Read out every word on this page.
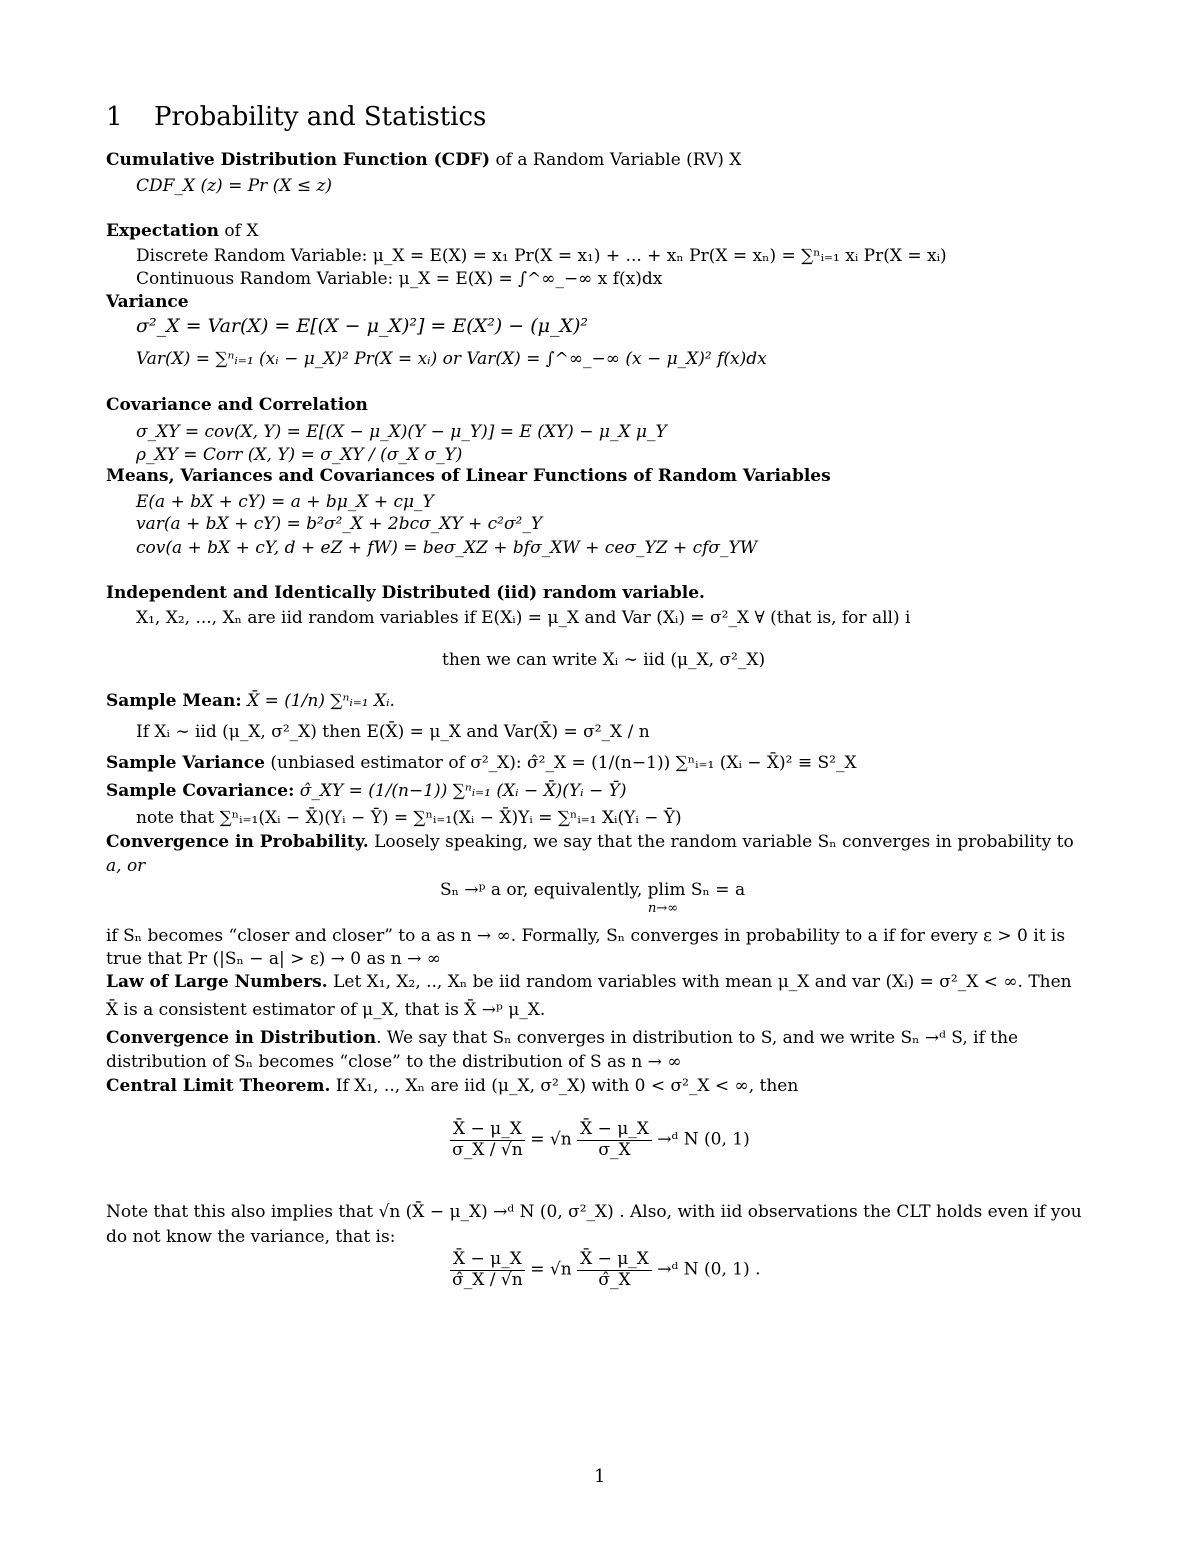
1 Probability and Statistics
Cumulative Distribution Function (CDF) of a Random Variable (RV) X
CDF_X (z) = Pr (X ≤ z)
Expectation of X
Discrete Random Variable: μ_X = E(X) = x₁ Pr(X = x₁) + ... + xₙ Pr(X = xₙ) = ∑ⁿᵢ₌₁ xᵢ Pr(X = xᵢ)
Continuous Random Variable: μ_X = E(X) = ∫^∞_−∞ x f(x)dx
Variance
σ²_X = Var(X) = E[(X − μ_X)²] = E(X²) − (μ_X)²
Var(X) = ∑ⁿᵢ₌₁ (xᵢ − μ_X)² Pr(X = xᵢ) or Var(X) = ∫^∞_−∞ (x − μ_X)² f(x)dx
Covariance and Correlation
σ_XY = cov(X, Y) = E[(X − μ_X)(Y − μ_Y)] = E (XY) − μ_X μ_Y
ρ_XY = Corr (X, Y) = σ_XY / (σ_X σ_Y)
Means, Variances and Covariances of Linear Functions of Random Variables
E(a + bX + cY) = a + bμ_X + cμ_Y
var(a + bX + cY) = b²σ²_X + 2bcσ_XY + c²σ²_Y
cov(a + bX + cY, d + eZ + fW) = beσ_XZ + bfσ_XW + ceσ_YZ + cfσ_YW
Independent and Identically Distributed (iid) random variable.
X₁, X₂, ..., Xₙ are iid random variables if E(Xᵢ) = μ_X and Var (Xᵢ) = σ²_X ∀ (that is, for all) i
then we can write Xᵢ ∼ iid (μ_X, σ²_X)
Sample Mean: X̄ = (1/n) ∑ⁿᵢ₌₁ Xᵢ.
If Xᵢ ∼ iid (μ_X, σ²_X) then E(X̄) = μ_X and Var(X̄) = σ²_X / n
Sample Variance (unbiased estimator of σ²_X): σ̂²_X = (1/(n−1)) ∑ⁿᵢ₌₁ (Xᵢ − X̄)² ≡ S²_X
Sample Covariance: σ̂_XY = (1/(n−1)) ∑ⁿᵢ₌₁ (Xᵢ − X̄)(Yᵢ − Ȳ)
note that ∑ⁿᵢ₌₁(Xᵢ − X̄)(Yᵢ − Ȳ) = ∑ⁿᵢ₌₁(Xᵢ − X̄)Yᵢ = ∑ⁿᵢ₌₁ Xᵢ(Yᵢ − Ȳ)
Convergence in Probability. Loosely speaking, we say that the random variable Sₙ converges in probability to
a, or
Sₙ →ᵖ a or, equivalently, plim Sₙ = a
n→∞
if Sₙ becomes “closer and closer” to a as n → ∞. Formally, Sₙ converges in probability to a if for every ε > 0 it is
true that Pr (|Sₙ − a| > ε) → 0 as n → ∞
Law of Large Numbers. Let X₁, X₂, .., Xₙ be iid random variables with mean μ_X and var (Xᵢ) = σ²_X < ∞. Then
X̄ is a consistent estimator of μ_X, that is X̄ →ᵖ μ_X.
Convergence in Distribution. We say that Sₙ converges in distribution to S, and we write Sₙ →ᵈ S, if the
distribution of Sₙ becomes “close” to the distribution of S as n → ∞
Central Limit Theorem. If X₁, .., Xₙ are iid (μ_X, σ²_X) with 0 < σ²_X < ∞, then
$\frac{X̄ - \mu\_X}{\sigma\_X / √n} = √n \frac{X̄ - \mu\_X}{\sigma\_X}$ →ᵈ N (0, 1)
Note that this also implies that √n (X̄ − μ_X) →ᵈ N (0, σ²_X) . Also, with iid observations the CLT holds even if you
do not know the variance, that is:
$\frac{X̄ - \mu\_X}{\sigmâ\_X / √n} = √n \frac{X̄ - \mu\_X}{\sigmâ\_X}$ →ᵈ N (0, 1) .
1
